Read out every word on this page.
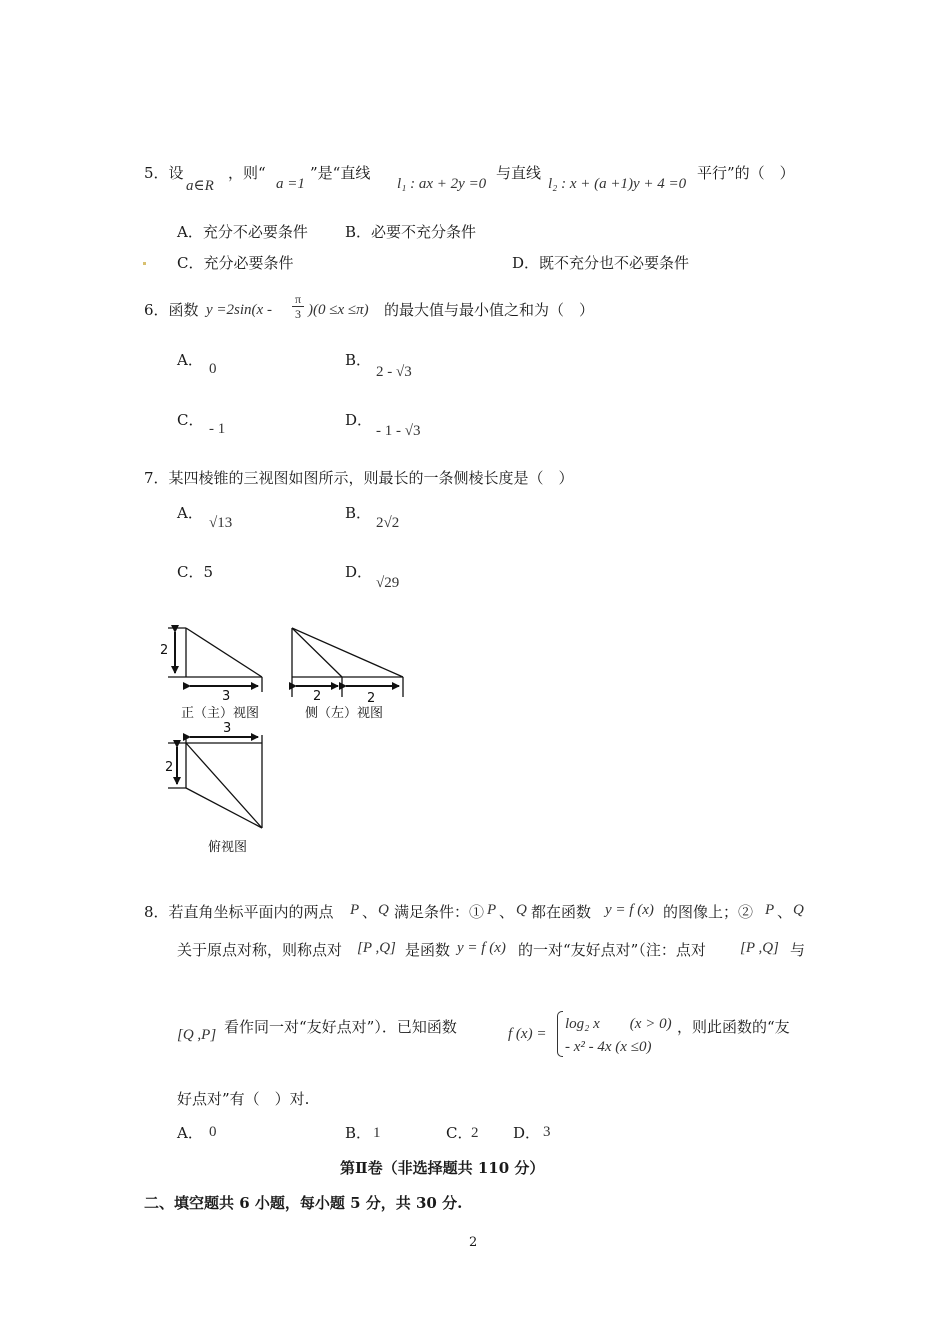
5．设
a∈R
，则“
a =1
”是“直线
l₁ : ax + 2y =0
与直线
l₂ : x + (a +1)y + 4 =0
平行”的（　）
A．充分不必要条件 B．必要不充分条件
C．充分必要条件	D．既不充分也不必要条件
6．函数 $y =2\sin(x - \frac{\pi}{3} )(0 \le x \le\pi)$ 的最大值与最小值之和为（　）
A． 0	B．
2 - √3
C． - 1	D．
- 1 - √3
7．某四棱锥的三视图如图所示，则最长的一条侧棱长度是（　）
A．
√13
B．
2√2
C．5	D．
√29
2
3
正（主）视图
2	2
侧（左）视图
3
2
俯视图
8．若直角坐标平面内的两点 P 、 Q 满足条件：① P 、 Q 都在函数 y = f (x) 的图像上；② P 、 Q
关于原点对称，则称点对 [P ,Q] 是函数 y = f (x) 的一对“友好点对”（注：点对 [P ,Q] 与
[Q ,P] 看作同一对“友好点对”）．已知函数	f (x) =
log₂ x　　(x > 0)
- x² - 4x (x ≤0)
，则此函数的“友
好点对”有（　）对.
A． 0	B． 1	C．
2 D． 3
第Ⅱ卷（非选择题共 110 分）
二、填空题共 6 小题，每小题 5 分，共 30 分.
2
